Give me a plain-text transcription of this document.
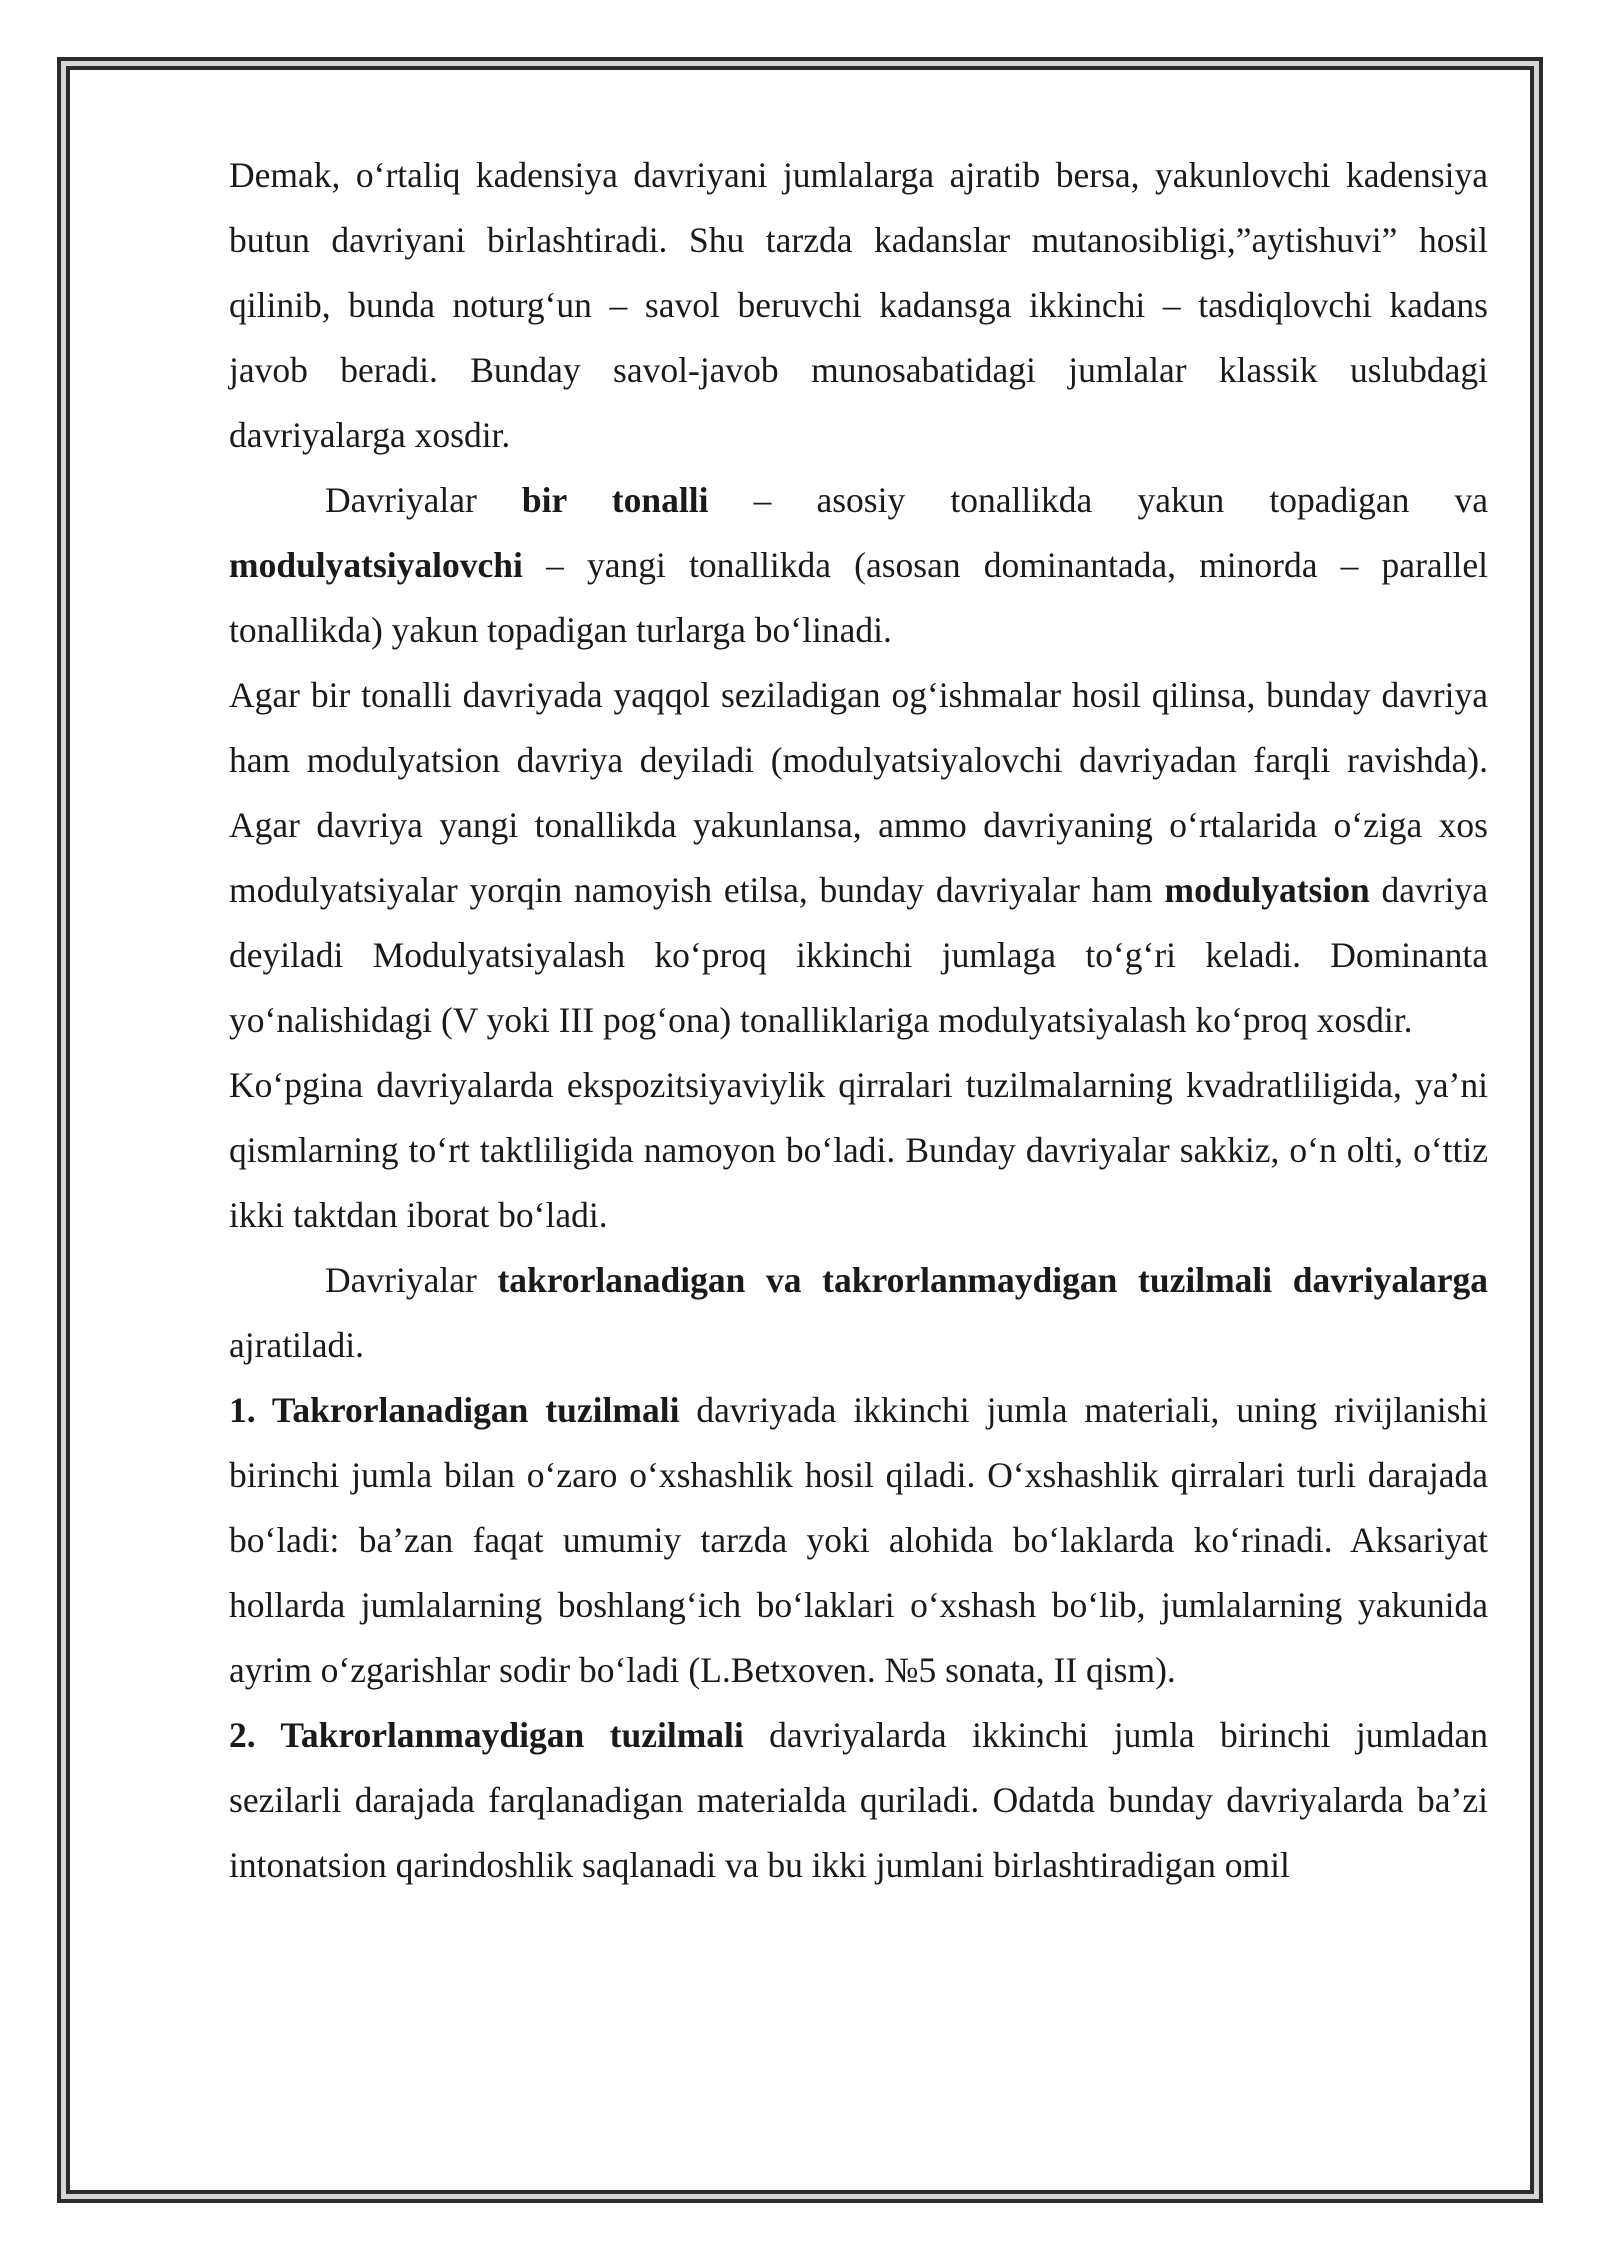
Demak, o‘rtaliq kadensiya davriyani jumlalarga ajratib bersa, yakunlovchi kadensiya butun davriyani birlashtiradi. Shu tarzda kadanslar mutanosibligi,”aytishuvi” hosil qilinib, bunda noturg‘un – savol beruvchi kadansga ikkinchi – tasdiqlovchi kadans javob beradi. Bunday savol-javob munosabatidagi jumlalar klassik uslubdagi davriyalarga xosdir.

Davriyalar bir tonalli – asosiy tonallikda yakun topadigan va modulyatsiyalovchi – yangi tonallikda (asosan dominantada, minorda – parallel tonallikda) yakun topadigan turlarga bo‘linadi.

Agar bir tonalli davriyada yaqqol seziladigan og‘ishmalar hosil qilinsa, bunday davriya ham modulyatsion davriya deyiladi (modulyatsiyalovchi davriyadan farqli ravishda). Agar davriya yangi tonallikda yakunlansa, ammo davriyaning o‘rtalarida o‘ziga xos modulyatsiyalar yorqin namoyish etilsa, bunday davriyalar ham modulyatsion davriya deyiladi Modulyatsiyalash ko‘proq ikkinchi jumlaga to‘g‘ri keladi. Dominanta yo‘nalishidagi (V yoki III pog‘ona) tonalliklariga modulyatsiyalash ko‘proq xosdir.

Ko‘pgina davriyalarda ekspozitsiyaviylik qirralari tuzilmalarning kvadratliligida, ya’ni qismlarning to‘rt taktliligida namoyon bo‘ladi. Bunday davriyalar sakkiz, o‘n olti, o‘ttiz ikki taktdan iborat bo‘ladi.

Davriyalar takrorlanadigan va takrorlanmaydigan tuzilmali davriyalarga ajratiladi.

1. Takrorlanadigan tuzilmali davriyada ikkinchi jumla materiali, uning rivijlanishi birinchi jumla bilan o‘zaro o‘xshashlik hosil qiladi. O‘xshashlik qirralari turli darajada bo‘ladi: ba’zan faqat umumiy tarzda yoki alohida bo‘laklarda ko‘rinadi. Aksariyat hollarda jumlalarning boshlang‘ich bo‘laklari o‘xshash bo‘lib, jumlalarning yakunida ayrim o‘zgarishlar sodir bo‘ladi (L.Betxoven. №5 sonata, II qism).

2. Takrorlanmaydigan tuzilmali davriyalarda ikkinchi jumla birinchi jumladan sezilarli darajada farqlanadigan materialda quriladi. Odatda bunday davriyalarda ba’zi intonatsion qarindoshlik saqlanadi va bu ikki jumlani birlashtiradigan omil
